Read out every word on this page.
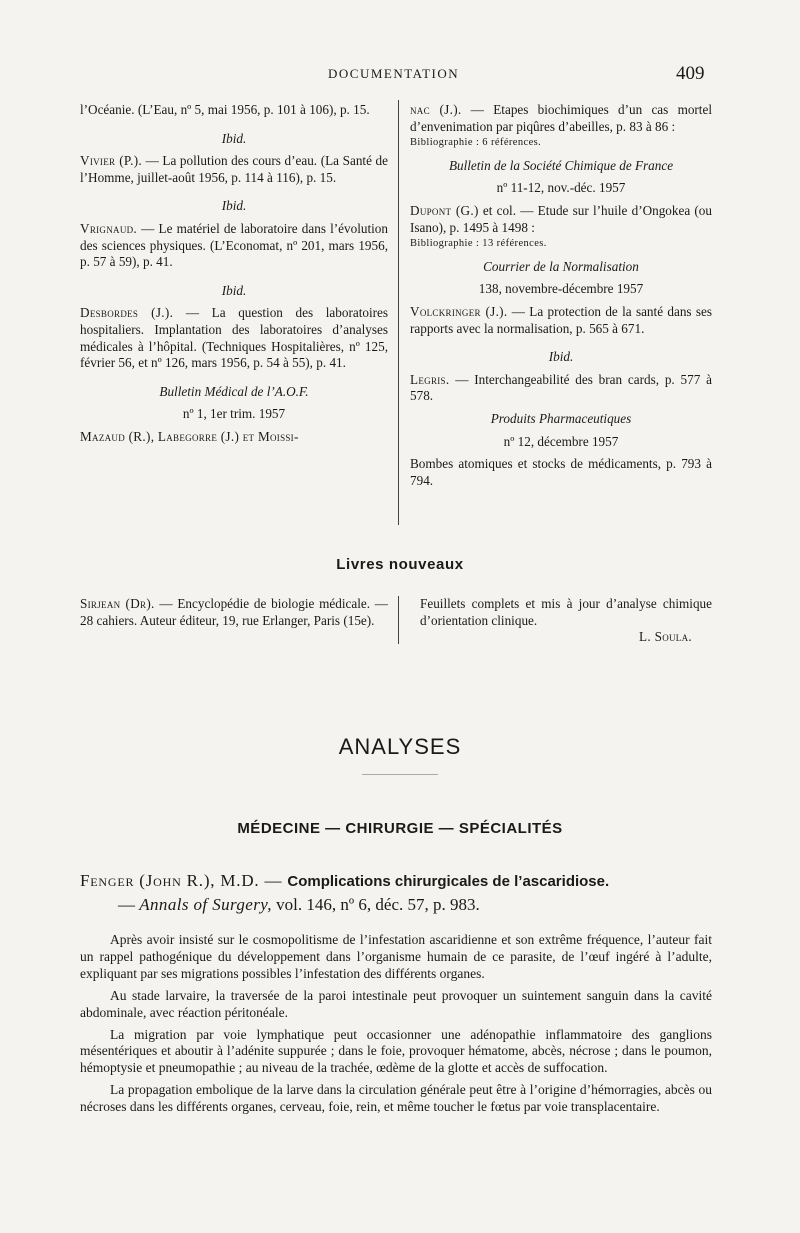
DOCUMENTATION	409

l’Océanie. (L’Eau, nº 5, mai 1956, p. 101 à 106), p. 15.

Ibid.

Vivier (P.). — La pollution des cours d’eau. (La Santé de l’Homme, juillet-août 1956, p. 114 à 116), p. 15.

Ibid.

Vrignaud. — Le matériel de laboratoire dans l’évolution des sciences physiques. (L’Economat, nº 201, mars 1956, p. 57 à 59), p. 41.

Ibid.

Desbordes (J.). — La question des laboratoires hospitaliers. Implantation des laboratoires d’analyses médicales à l’hôpital. (Techniques Hospitalières, nº 125, février 56, et nº 126, mars 1956, p. 54 à 55), p. 41.

Bulletin Médical de l’A.O.F.

nº 1, 1er trim. 1957

Mazaud (R.), Labegorre (J.) et Moissi-

nac (J.). — Etapes biochimiques d’un cas mortel d’envenimation par piqûres d’abeilles, p. 83 à 86 :

Bibliographie : 6 références.

Bulletin de la Société Chimique de France

nº 11-12, nov.-déc. 1957

Dupont (G.) et col. — Etude sur l’huile d’Ongokea (ou Isano), p. 1495 à 1498 :

Bibliographie : 13 références.

Courrier de la Normalisation

138, novembre-décembre 1957

Volckringer (J.). — La protection de la santé dans ses rapports avec la normalisation, p. 565 à 671.

Ibid.

Legris. — Interchangeabilité des bran cards, p. 577 à 578.

Produits Pharmaceutiques

nº 12, décembre 1957

Bombes atomiques et stocks de médicaments, p. 793 à 794.

Livres nouveaux

Sirjean (Dr). — Encyclopédie de biologie médicale. — 28 cahiers. Auteur éditeur, 19, rue Erlanger, Paris (15e).

Feuillets complets et mis à jour d’analyse chimique d’orientation clinique.

L. Soula.

ANALYSES
MÉDECINE — CHIRURGIE — SPÉCIALITÉS
Fenger (John R.), M.D. — Complications chirurgicales de l’ascaridiose.
— Annals of Surgery, vol. 146, nº 6, déc. 57, p. 983.

Après avoir insisté sur le cosmopolitisme de l’infestation ascaridienne et son extrême fréquence, l’auteur fait un rappel pathogénique du développement dans l’organisme humain de ce parasite, de l’œuf ingéré à l’adulte, expliquant par ses migrations possibles l’infestation des différents organes.

Au stade larvaire, la traversée de la paroi intestinale peut provoquer un suintement sanguin dans la cavité abdominale, avec réaction péritonéale.

La migration par voie lymphatique peut occasionner une adénopathie inflammatoire des ganglions mésentériques et aboutir à l’adénite suppurée ; dans le foie, provoquer hématome, abcès, nécrose ; dans le poumon, hémoptysie et pneumopathie ; au niveau de la trachée, œdème de la glotte et accès de suffocation.

La propagation embolique de la larve dans la circulation générale peut être à l’origine d’hémorragies, abcès ou nécroses dans les différents organes, cerveau, foie, rein, et même toucher le fœtus par voie transplacentaire.
